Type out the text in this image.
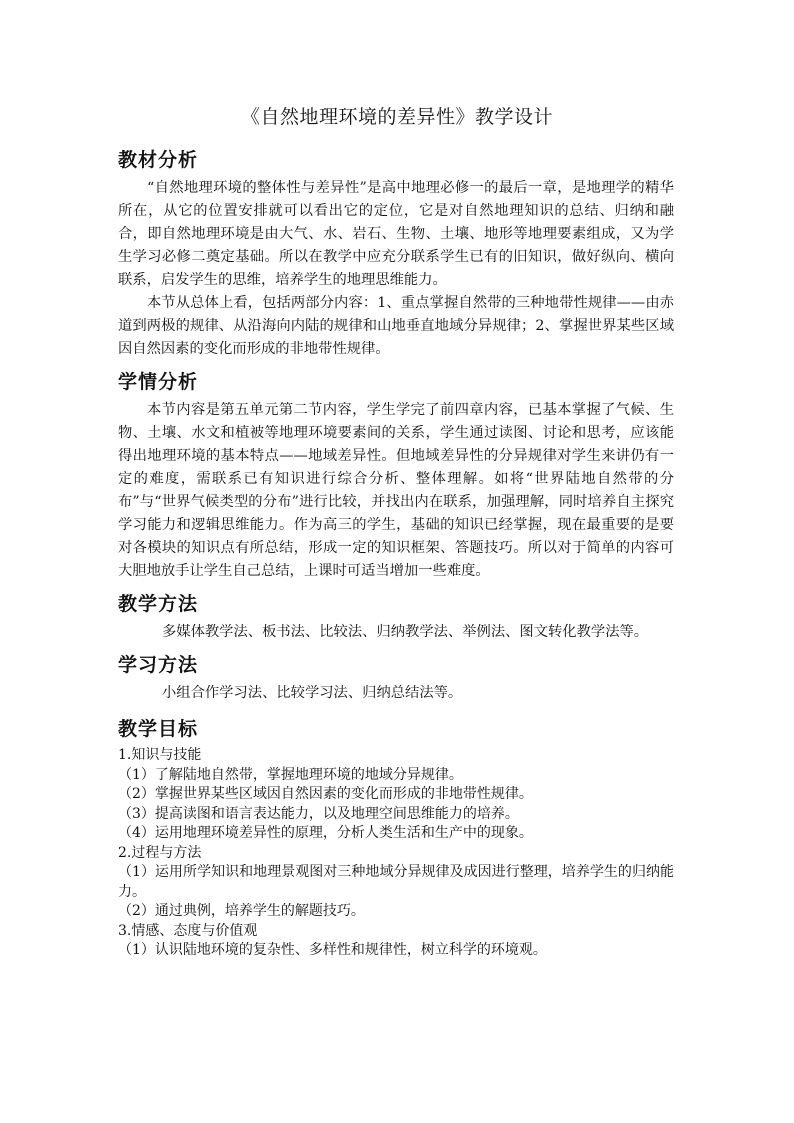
《自然地理环境的差异性》教学设计
教材分析

“自然地理环境的整体性与差异性”是高中地理必修一的最后一章，是地理学的精华所在，从它的位置安排就可以看出它的定位，它是对自然地理知识的总结、归纳和融合，即自然地理环境是由大气、水、岩石、生物、土壤、地形等地理要素组成，又为学生学习必修二奠定基础。所以在教学中应充分联系学生已有的旧知识，做好纵向、横向联系，启发学生的思维，培养学生的地理思维能力。

本节从总体上看，包括两部分内容：1、重点掌握自然带的三种地带性规律——由赤道到两极的规律、从沿海向内陆的规律和山地垂直地域分异规律；2、掌握世界某些区域因自然因素的变化而形成的非地带性规律。

学情分析

本节内容是第五单元第二节内容，学生学完了前四章内容，已基本掌握了气候、生物、土壤、水文和植被等地理环境要素间的关系，学生通过读图、讨论和思考，应该能得出地理环境的基本特点——地域差异性。但地域差异性的分异规律对学生来讲仍有一定的难度，需联系已有知识进行综合分析、整体理解。如将“世界陆地自然带的分布”与“世界气候类型的分布”进行比较，并找出内在联系，加强理解，同时培养自主探究学习能力和逻辑思维能力。作为高三的学生，基础的知识已经掌握，现在最重要的是要对各模块的知识点有所总结，形成一定的知识框架、答题技巧。所以对于简单的内容可大胆地放手让学生自己总结，上课时可适当增加一些难度。

教学方法

多媒体教学法、板书法、比较法、归纳教学法、举例法、图文转化教学法等。

学习方法

小组合作学习法、比较学习法、归纳总结法等。

教学目标

1.知识与技能

（1）了解陆地自然带，掌握地理环境的地域分异规律。

（2）掌握世界某些区域因自然因素的变化而形成的非地带性规律。

（3）提高读图和语言表达能力，以及地理空间思维能力的培养。

（4）运用地理环境差异性的原理，分析人类生活和生产中的现象。

2.过程与方法

（1）运用所学知识和地理景观图对三种地域分异规律及成因进行整理，培养学生的归纳能力。

（2）通过典例，培养学生的解题技巧。

3.情感、态度与价值观

（1）认识陆地环境的复杂性、多样性和规律性，树立科学的环境观。
